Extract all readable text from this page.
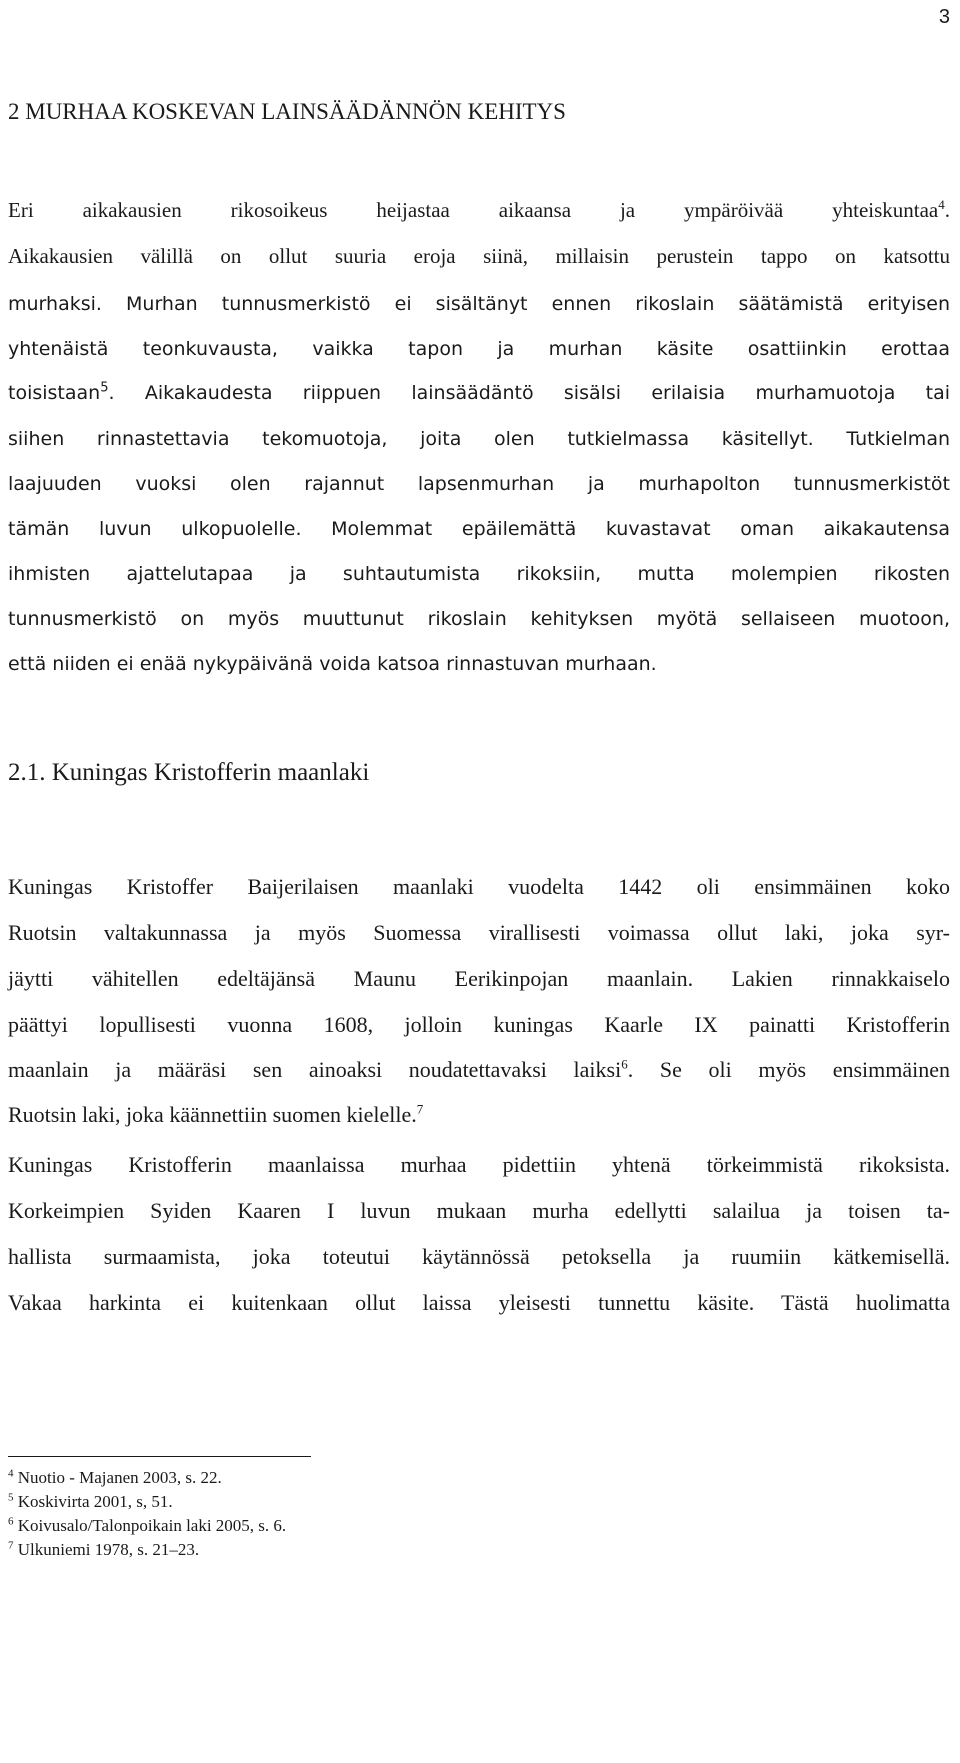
3
2 MURHAA KOSKEVAN LAINSÄÄDÄNNÖN KEHITYS
Eri aikakausien rikosoikeus heijastaa aikaansa ja ympäröivää yhteiskuntaa$^4$.
Aikakausien välillä on ollut suuria eroja siinä, millaisin perustein tappo on katsottu
murhaksi. Murhan tunnusmerkistö ei sisältänyt ennen rikoslain säätämistä erityisen
yhtenäistä teonkuvausta, vaikka tapon ja murhan käsite osattiinkin erottaa
toisistaan$^5$. Aikakaudesta riippuen lainsäädäntö sisälsi erilaisia murhamuotoja tai
siihen rinnastettavia tekomuotoja, joita olen tutkielmassa käsitellyt. Tutkielman
laajuuden vuoksi olen rajannut lapsenmurhan ja murhapolton tunnusmerkistöt
tämän luvun ulkopuolelle. Molemmat epäilemättä kuvastavat oman aikakautensa
ihmisten ajattelutapaa ja suhtautumista rikoksiin, mutta molempien rikosten
tunnusmerkistö on myös muuttunut rikoslain kehityksen myötä sellaiseen muotoon,
että niiden ei enää nykypäivänä voida katsoa rinnastuvan murhaan.
2.1. Kuningas Kristofferin maanlaki
Kuningas Kristoffer Baijerilaisen maanlaki vuodelta 1442 oli ensimmäinen koko
Ruotsin valtakunnassa ja myös Suomessa virallisesti voimassa ollut laki, joka syr-
jäytti vähitellen edeltäjänsä Maunu Eerikinpojan maanlain. Lakien rinnakkaiselo
päättyi lopullisesti vuonna 1608, jolloin kuningas Kaarle IX painatti Kristofferin
maanlain ja määräsi sen ainoaksi noudatettavaksi laiksi$^6$. Se oli myös ensimmäinen
Ruotsin laki, joka käännettiin suomen kielelle.$^7$
Kuningas Kristofferin maanlaissa murhaa pidettiin yhtenä törkeimmistä rikoksista.
Korkeimpien Syiden Kaaren I luvun mukaan murha edellytti salailua ja toisen ta-
hallista surmaamista, joka toteutui käytännössä petoksella ja ruumiin kätkemisellä.
Vakaa harkinta ei kuitenkaan ollut laissa yleisesti tunnettu käsite. Tästä huolimatta
$^4$ Nuotio - Majanen 2003, s. 22.
$^5$ Koskivirta 2001, s, 51.
$^6$ Koivusalo/Talonpoikain laki 2005, s. 6.
$^7$ Ulkuniemi 1978, s. 21–23.
